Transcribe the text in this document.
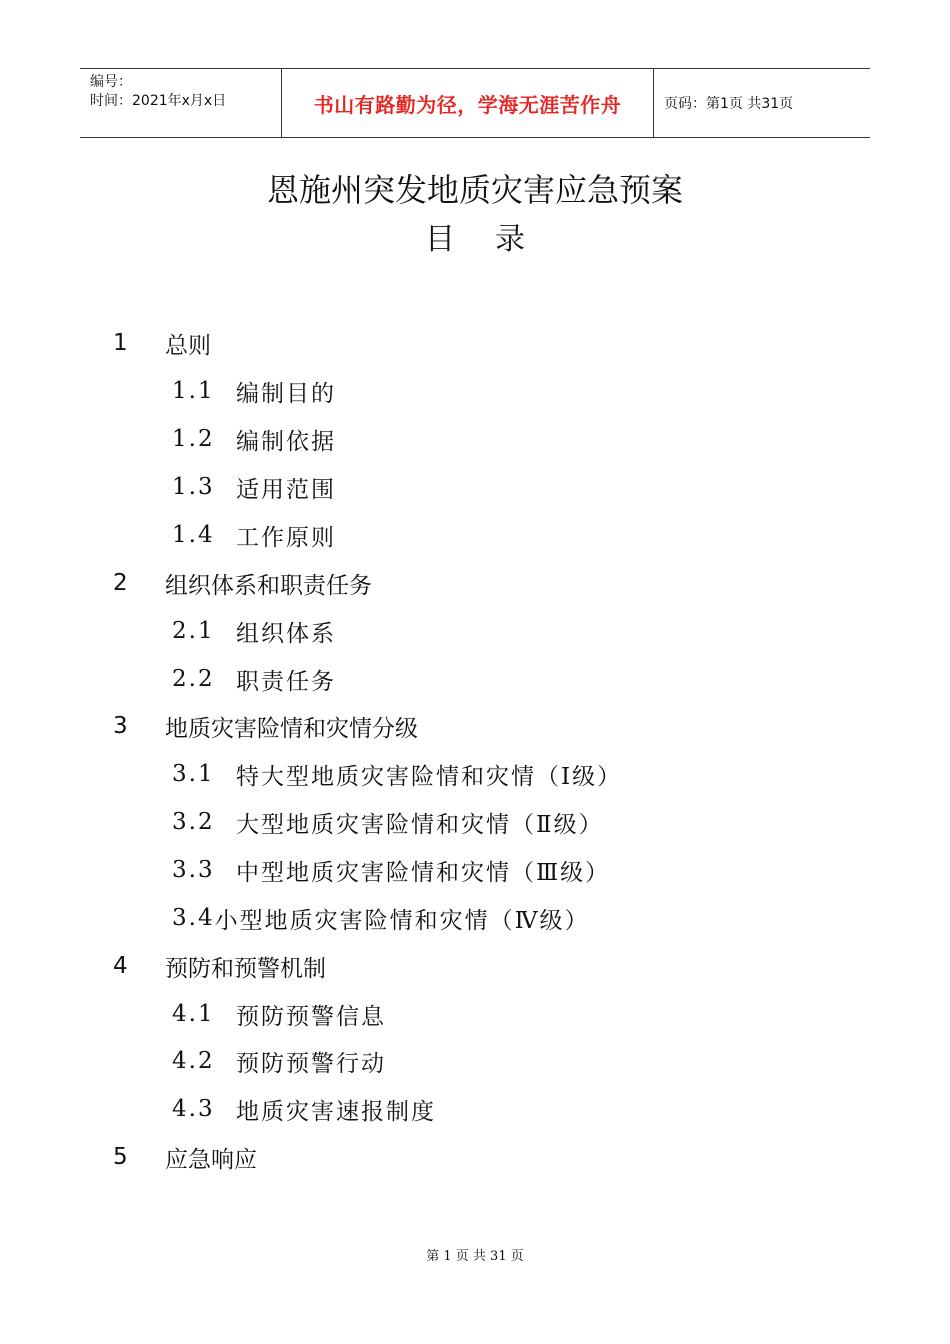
编号：
时间：2021年x月x日	书山有路勤为径，学海无涯苦作舟	页码：第1页 共31页
恩施州突发地质灾害应急预案
目录
1	总则
1.1 编制目的
1.2 编制依据
1.3 适用范围
1.4 工作原则
2	组织体系和职责任务
2.1 组织体系
2.2 职责任务
3	地质灾害险情和灾情分级
3.1 特大型地质灾害险情和灾情（Ⅰ级）
3.2 大型地质灾害险情和灾情（Ⅱ级）
3.3 中型地质灾害险情和灾情（Ⅲ级）
3.4 小型地质灾害险情和灾情（Ⅳ级）
4	预防和预警机制
4.1 预防预警信息
4.2 预防预警行动
4.3 地质灾害速报制度
5	应急响应
第 1 页 共 31 页
